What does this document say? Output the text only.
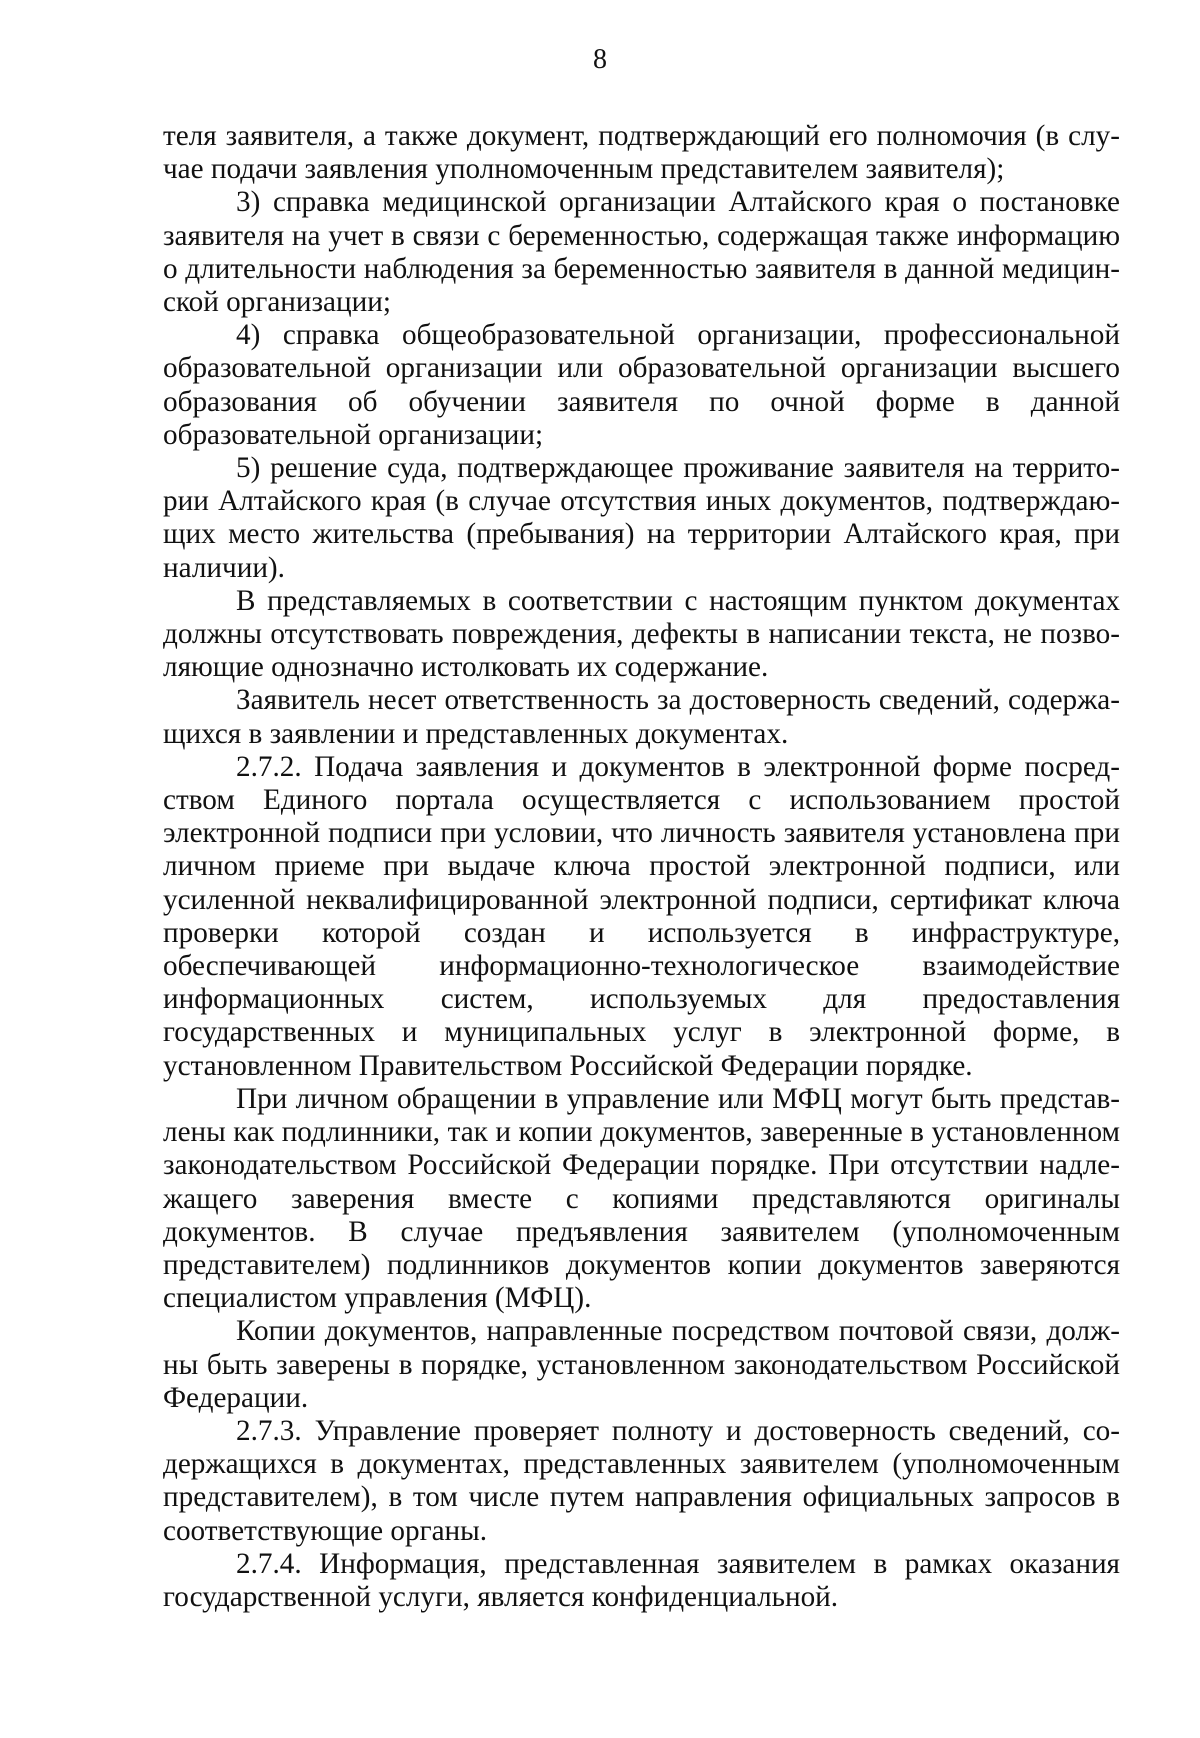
8

теля заявителя, а также документ, подтверждающий его полномочия (в случае подачи заявления уполномоченным представителем заявителя);

3) справка медицинской организации Алтайского края о постановке заявителя на учет в связи с беременностью, содержащая также информацию о длительности наблюдения за беременностью заявителя в данной медицинской организации;

4) справка общеобразовательной организации, профессиональной образовательной организации или образовательной организации высшего образования об обучении заявителя по очной форме в данной образовательной организации;

5) решение суда, подтверждающее проживание заявителя на территории Алтайского края (в случае отсутствия иных документов, подтверждающих место жительства (пребывания) на территории Алтайского края, при наличии).

В представляемых в соответствии с настоящим пунктом документах должны отсутствовать повреждения, дефекты в написании текста, не позволяющие однозначно истолковать их содержание.

Заявитель несет ответственность за достоверность сведений, содержащихся в заявлении и представленных документах.

2.7.2. Подача заявления и документов в электронной форме посредством Единого портала осуществляется с использованием простой электронной подписи при условии, что личность заявителя установлена при личном приеме при выдаче ключа простой электронной подписи, или усиленной неквалифицированной электронной подписи, сертификат ключа проверки которой создан и используется в инфраструктуре, обеспечивающей информационно-технологическое взаимодействие информационных систем, используемых для предоставления государственных и муниципальных услуг в электронной форме, в установленном Правительством Российской Федерации порядке.

При личном обращении в управление или МФЦ могут быть представлены как подлинники, так и копии документов, заверенные в установленном законодательством Российской Федерации порядке. При отсутствии надлежащего заверения вместе с копиями представляются оригиналы документов. В случае предъявления заявителем (уполномоченным представителем) подлинников документов копии документов заверяются специалистом управления (МФЦ).

Копии документов, направленные посредством почтовой связи, должны быть заверены в порядке, установленном законодательством Российской Федерации.

2.7.3. Управление проверяет полноту и достоверность сведений, содержащихся в документах, представленных заявителем (уполномоченным представителем), в том числе путем направления официальных запросов в соответствующие органы.

2.7.4. Информация, представленная заявителем в рамках оказания государственной услуги, является конфиденциальной.
